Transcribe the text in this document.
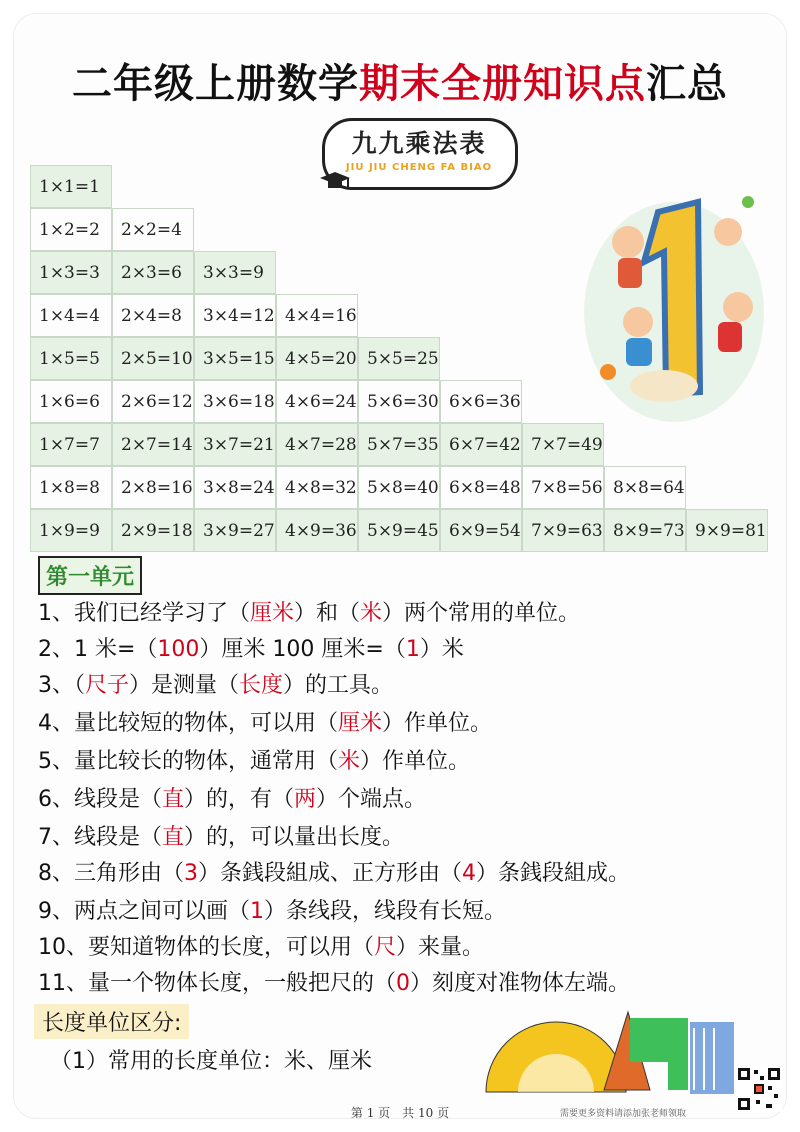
二年级上册数学期末全册知识点汇总
九九乘法表
JIU JIU CHENG FA BIAO
1×1=1
1×2=2	2×2=4
1×3=3	2×3=6	3×3=9
1×4=4	2×4=8	3×4=12 4×4=16
1×5=5	2×5=10 3×5=15 4×5=20 5×5=25
1×6=6	2×6=12 3×6=18 4×6=24 5×6=30 6×6=36
1×7=7	2×7=14 3×7=21 4×7=28 5×7=35 6×7=42 7×7=49
1×8=8	2×8=16 3×8=24 4×8=32 5×8=40 6×8=48 7×8=56 8×8=64
1×9=9	2×9=18 3×9=27 4×9=36 5×9=45 6×9=54 7×9=63 8×9=73 9×9=81
第一单元
1、我们已经学习了（厘米）和（米）两个常用的单位。
2、1 米=（100）厘米 100 厘米=（1）米
3、（尺子）是测量（长度）的工具。
4、量比较短的物体，可以用（厘米）作单位。
5、量比较长的物体，通常用（米）作单位。
6、线段是（直）的，有（两）个端点。
7、线段是（直）的，可以量出长度。
8、三角形由（3）条銭段組成、正方形由（4）条銭段組成。
9、两点之间可以画（1）条线段，线段有长短。
10、要知道物体的长度，可以用（尺）来量。
11、量一个物体长度，一般把尺的（0）刻度对准物体左端。
长度单位区分:
（1）常用的长度单位：米、厘米
第 1 页　共 10 页	需要更多资料请添加张老师领取
